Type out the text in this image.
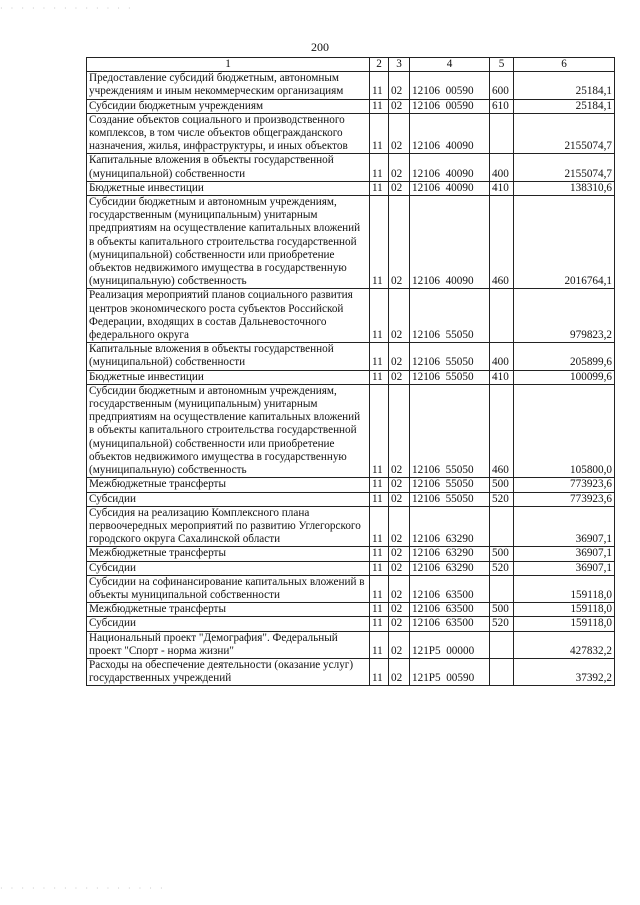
200
1	2	3	4	5	6
Предоставление субсидий бюджетным, автономным учреждениям и иным некоммерческим организациям	11	02	12106  00590	600	25184,1
Субсидии бюджетным учреждениям	11	02	12106  00590	610	25184,1
Создание объектов социального и производственного комплексов, в том числе объектов общегражданского назначения, жилья, инфраструктуры, и иных объектов	11	02	12106  40090		2155074,7
Капитальные вложения в объекты государственной (муниципальной) собственности	11	02	12106  40090	400	2155074,7
Бюджетные инвестиции	11	02	12106  40090	410	138310,6
Субсидии бюджетным и автономным учреждениям, государственным (муниципальным) унитарным предприятиям на осуществление капитальных вложений в объекты капитального строительства государственной (муниципальной) собственности или приобретение объектов недвижимого имущества в государственную (муниципальную) собственность	11	02	12106  40090	460	2016764,1
Реализация мероприятий планов социального развития центров экономического роста субъектов Российской Федерации, входящих в состав Дальневосточного федерального округа	11	02	12106  55050		979823,2
Капитальные вложения в объекты государственной (муниципальной) собственности	11	02	12106  55050	400	205899,6
Бюджетные инвестиции	11	02	12106  55050	410	100099,6
Субсидии бюджетным и автономным учреждениям, государственным (муниципальным) унитарным предприятиям на осуществление капитальных вложений в объекты капитального строительства государственной (муниципальной) собственности или приобретение объектов недвижимого имущества в государственную (муниципальную) собственность	11	02	12106  55050	460	105800,0
Межбюджетные трансферты	11	02	12106  55050	500	773923,6
Субсидии	11	02	12106  55050	520	773923,6
Субсидия на реализацию Комплексного плана первоочередных мероприятий по развитию Углегорского городского округа Сахалинской области	11	02	12106  63290		36907,1
Межбюджетные трансферты	11	02	12106  63290	500	36907,1
Субсидии	11	02	12106  63290	520	36907,1
Субсидии на софинансирование капитальных вложений в объекты муниципальной собственности	11	02	12106  63500		159118,0
Межбюджетные трансферты	11	02	12106  63500	500	159118,0
Субсидии	11	02	12106  63500	520	159118,0
Национальный проект "Демография". Федеральный проект "Спорт - норма жизни"	11	02	121P5  00000		427832,2
Расходы на обеспечение деятельности (оказание услуг) государственных учреждений	11	02	121P5  00590		37392,2
· · · · · · · · · · · · ·
· · · · · · · · · · · · · · · ·
